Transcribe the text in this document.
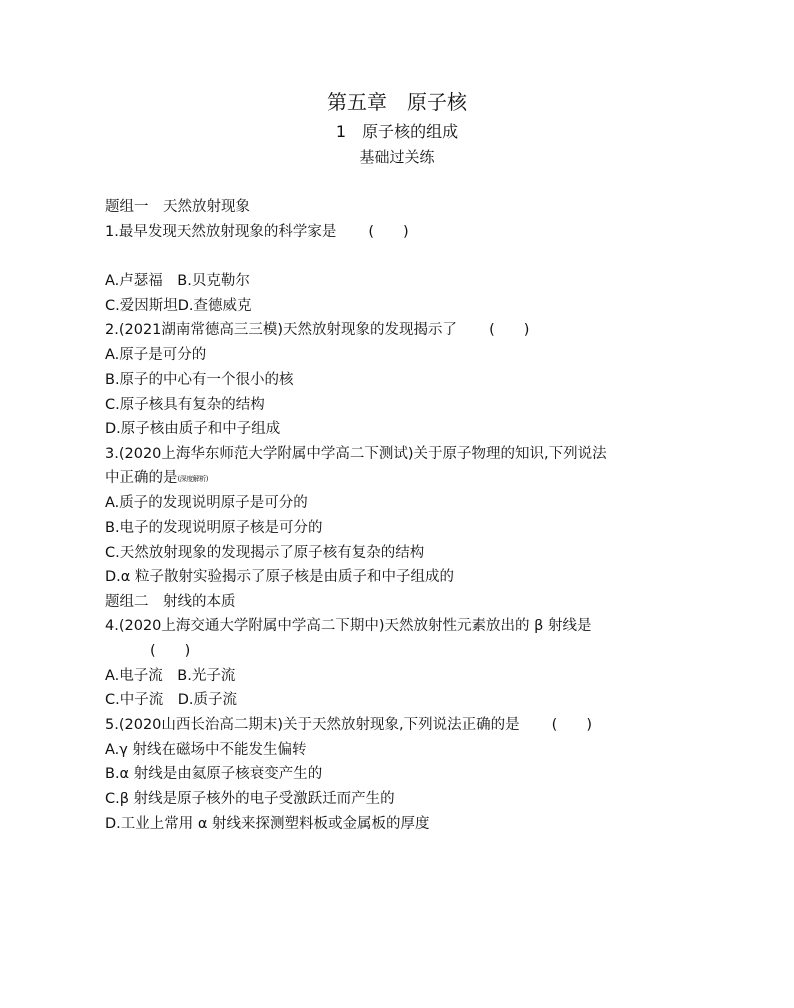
第五章　原子核
1　原子核的组成
基础过关练
题组一　天然放射现象
1.最早发现天然放射现象的科学家是 (　　)
A.卢瑟福　B.贝克勒尔
C.爱因斯坦D.查德威克
2.(2021湖南常德高三三模)天然放射现象的发现揭示了 (　　)
A.原子是可分的
B.原子的中心有一个很小的核
C.原子核具有复杂的结构
D.原子核由质子和中子组成
3.(2020上海华东师范大学附属中学高二下测试)关于原子物理的知识,下列说法
中正确的是(深度解析)
A.质子的发现说明原子是可分的
B.电子的发现说明原子核是可分的
C.天然放射现象的发现揭示了原子核有复杂的结构
D.α 粒子散射实验揭示了原子核是由质子和中子组成的
题组二　射线的本质
4.(2020上海交通大学附属中学高二下期中)天然放射性元素放出的 β 射线是
(　　)
A.电子流　B.光子流
C.中子流　D.质子流
5.(2020山西长治高二期末)关于天然放射现象,下列说法正确的是 (　　)
A.γ 射线在磁场中不能发生偏转
B.α 射线是由氦原子核衰变产生的
C.β 射线是原子核外的电子受激跃迁而产生的
D.工业上常用 α 射线来探测塑料板或金属板的厚度
